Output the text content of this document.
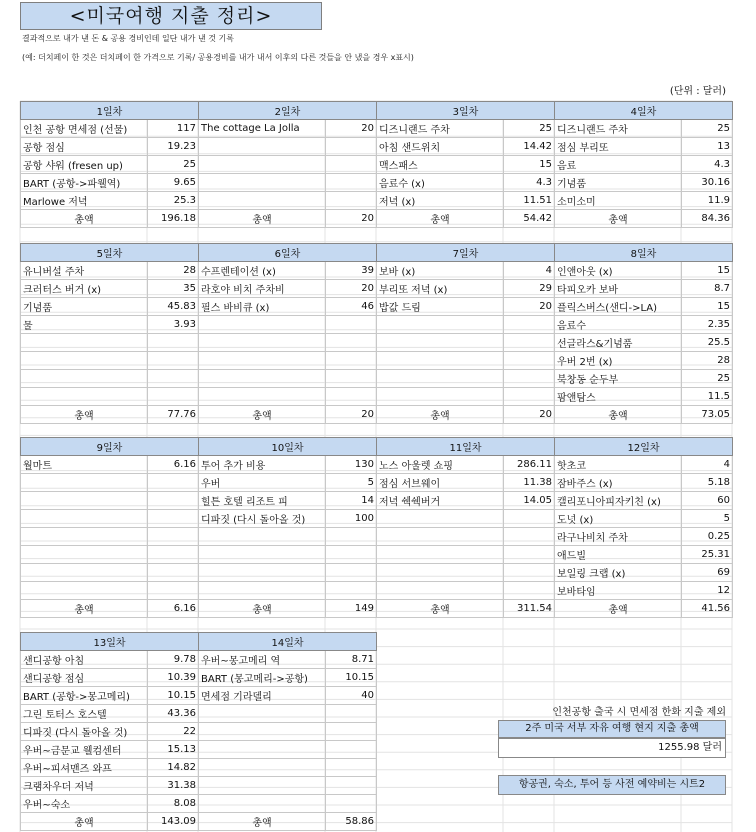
<미국여행 지출 정리>
결과적으로 내가 낸 돈 & 공용 경비인데 일단 내가 낸 것 기록
(예: 더치페이 한 것은 더치페이 한 가격으로 기록/ 공용경비를 내가 내서 이후의 다른 것들을 안 냈을 경우 x표시)
(단위 : 달러)
1일차	
인천 공항 면세점 (선물)	117
공항 점심	19.23
공항 샤워 (fresen up)	25
BART (공항->파웰역)	9.65
Marlowe 저녁	25.3
총액	196.18
2일차	
The cottage La Jolla	20

총액	20
3일차	
디즈니랜드 주차	25
아침 샌드위치	14.42
맥스패스	15
음료수 (x)	4.3
저녁 (x)	11.51
총액	54.42
4일차	
디즈니랜드 주차	25
점심 부리또	13
음료	4.3
기념품	30.16
소미소미	11.9
총액	84.36
5일차	
유니버설 주차	28
크러터스 버거 (x)	35
기념품	45.83
물	3.93

총액	77.76
6일차	
수프렌테이션 (x)	39
라호야 비치 주차비	20
필스 바비큐 (x)	46

총액	20
7일차	
보바 (x)	4
부리또 저녁 (x)	29
밥값 드림	20

총액	20
8일차	
인앤아웃 (x)	15
타피오카 보바	8.7
플릭스버스(샌디->LA)	15
음료수	2.35
선글라스&기념품	25.5
우버 2번 (x)	28
북창동 순두부	25
팜앤탐스	11.5
총액	73.05
9일차	
월마트	6.16

총액	6.16
10일차	
투어 추가 비용	130
우버	5
힐튼 호텔 리조트 피	14
디파짓 (다시 돌아올 것)	100

총액	149
11일차	
노스 아울렛 쇼핑	286.11
점심 서브웨이	11.38
저녁 쉑쉑버거	14.05

총액	311.54
12일차	
핫초코	4
잠바주스 (x)	5.18
캘리포니아피자키친 (x)	60
도넛 (x)	5
라구나비치 주차	0.25
애드빌	25.31
보일링 크랩 (x)	69
보바타임	12
총액	41.56
13일차	
샌디공항 아침	9.78
샌디공항 점심	10.39
BART (공항->몽고메리)	10.15
그린 토터스 호스텔	43.36
디파짓 (다시 돌아올 것)	22
우버~금문교 웰컴센터	15.13
우버~피셔맨즈 와프	14.82
크램차우더 저녁	31.38
우버~숙소	8.08
총액	143.09
14일차	
우버~몽고메리 역	8.71
BART (몽고메리->공항)	10.15
면세점 기라델리	40

총액	58.86
인천공항 출국 시 면세점 한화 지출 제외
2주 미국 서부 자유 여행 현지 지출 총액
1255.98 달러
항공권, 숙소, 투어 등 사전 예약비는 시트2
